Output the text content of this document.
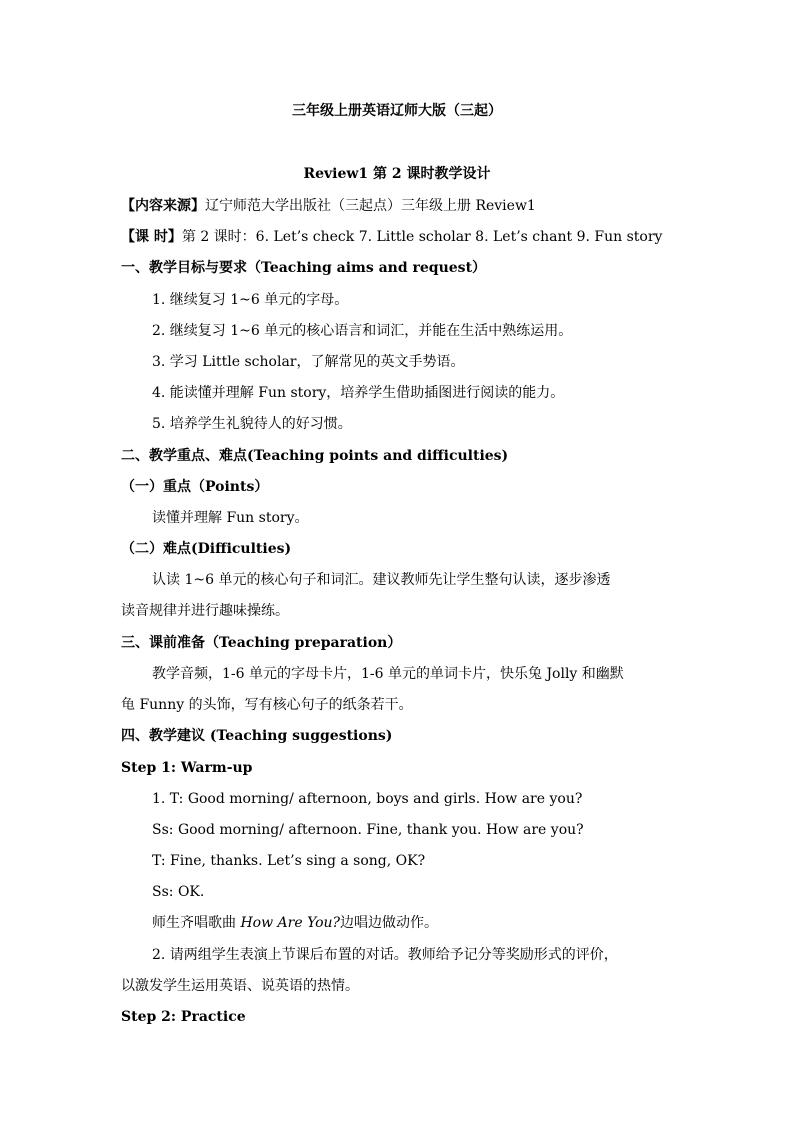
三年级上册英语辽师大版（三起）
Review1 第 2 课时教学设计
【内容来源】辽宁师范大学出版社（三起点）三年级上册 Review1
【课 时】第 2 课时：6. Let’s check 7. Little scholar 8. Let’s chant 9. Fun story
一、教学目标与要求（Teaching aims and request）
1. 继续复习 1~6 单元的字母。
2. 继续复习 1~6 单元的核心语言和词汇，并能在生活中熟练运用。
3. 学习 Little scholar，了解常见的英文手势语。
4. 能读懂并理解 Fun story，培养学生借助插图进行阅读的能力。
5. 培养学生礼貌待人的好习惯。
二、教学重点、难点(Teaching points and difficulties)
（一）重点（Points）
读懂并理解 Fun story。
（二）难点(Difficulties)
认读 1~6 单元的核心句子和词汇。建议教师先让学生整句认读，逐步渗透
读音规律并进行趣味操练。
三、课前准备（Teaching preparation）
教学音频，1-6 单元的字母卡片，1-6 单元的单词卡片，快乐兔 Jolly 和幽默
龟 Funny 的头饰，写有核心句子的纸条若干。
四、教学建议 (Teaching suggestions)
Step 1: Warm-up
1. T: Good morning/ afternoon, boys and girls. How are you?
Ss: Good morning/ afternoon. Fine, thank you. How are you?
T: Fine, thanks. Let’s sing a song, OK?
Ss: OK.
师生齐唱歌曲 How Are You?边唱边做动作。
2. 请两组学生表演上节课后布置的对话。教师给予记分等奖励形式的评价，
以激发学生运用英语、说英语的热情。
Step 2: Practice
